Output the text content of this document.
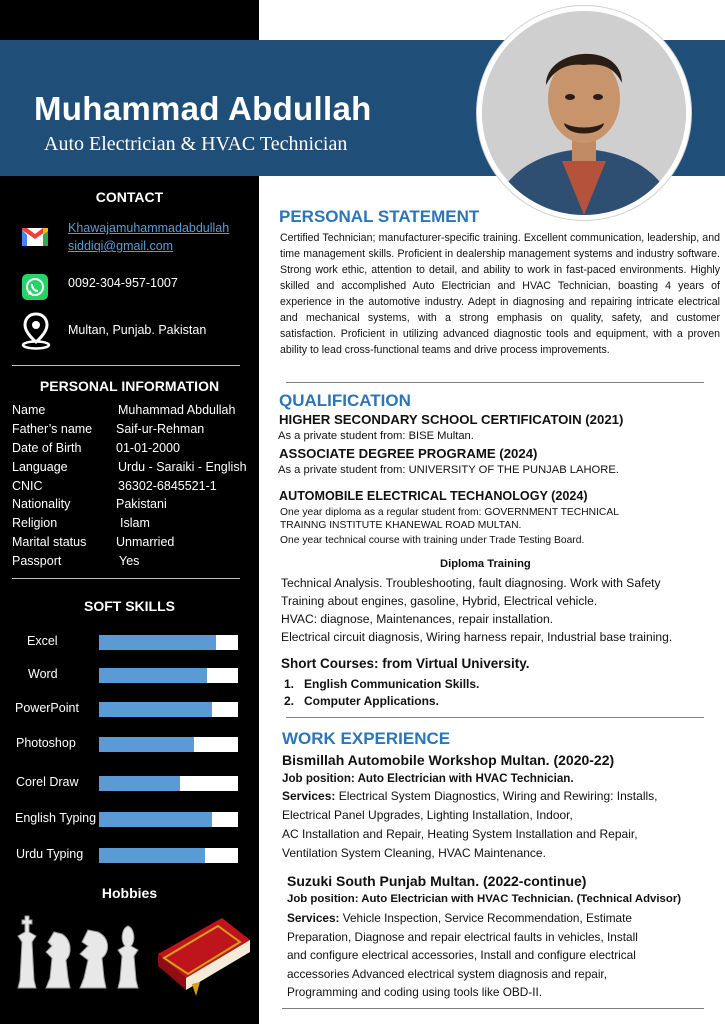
Muhammad Abdullah
Auto Electrician & HVAC Technician
CONTACT
Khawajamuhammadabdullah
siddiqi@gmail.com
0092-304-957-1007
Multan, Punjab. Pakistan
PERSONAL INFORMATION
Name	Muhammad Abdullah
Father’s name Saif-ur-Rehman
Date of Birth	01-01-2000
Language	Urdu - Saraiki - English
CNIC	36302-6845521-1
Nationality	Pakistani
Religion	Islam
Marital status Unmarried
Passport	Yes
SOFT SKILLS
Excel
Word
PowerPoint
Photoshop
Corel Draw
English Typing
Urdu Typing
Hobbies
PERSONAL STATEMENT
Certified Technician; manufacturer-specific training. Excellent communication, leadership, and time management skills. Proficient in dealership management systems and industry software. Strong work ethic, attention to detail, and ability to work in fast-paced environments. Highly skilled and accomplished Auto Electrician and HVAC Technician, boasting 4 years of experience in the automotive industry. Adept in diagnosing and repairing intricate electrical and mechanical systems, with a strong emphasis on quality, safety, and customer satisfaction. Proficient in utilizing advanced diagnostic tools and equipment, with a proven ability to lead cross-functional teams and drive process improvements.
QUALIFICATION
HIGHER SECONDARY SCHOOL CERTIFICATOIN (2021)
As a private student from: BISE Multan.
ASSOCIATE DEGREE PROGRAME (2024)
As a private student from: UNIVERSITY OF THE PUNJAB LAHORE.
AUTOMOBILE ELECTRICAL TECHANOLOGY (2024)
One year diploma as a regular student from: GOVERNMENT TECHNICAL
TRAINNG INSTITUTE KHANEWAL ROAD MULTAN.
One year technical course with training under Trade Testing Board.
Diploma Training
Technical Analysis. Troubleshooting, fault diagnosing. Work with Safety
Training about engines, gasoline, Hybrid, Electrical vehicle.
HVAC: diagnose, Maintenances, repair installation.
Electrical circuit diagnosis, Wiring harness repair, Industrial base training.
Short Courses: from Virtual University.
1.   English Communication Skills.
2.   Computer Applications.
WORK EXPERIENCE
Bismillah Automobile Workshop Multan. (2020-22)
Job position: Auto Electrician with HVAC Technician.
Services: Electrical System Diagnostics, Wiring and Rewiring: Installs,
Electrical Panel Upgrades, Lighting Installation, Indoor,
AC Installation and Repair, Heating System Installation and Repair,
Ventilation System Cleaning, HVAC Maintenance.
Suzuki South Punjab Multan. (2022-continue)
Job position: Auto Electrician with HVAC Technician. (Technical Advisor)
Services: Vehicle Inspection, Service Recommendation, Estimate
Preparation, Diagnose and repair electrical faults in vehicles, Install
and configure electrical accessories, Install and configure electrical
accessories Advanced electrical system diagnosis and repair,
Programming and coding using tools like OBD-II.
